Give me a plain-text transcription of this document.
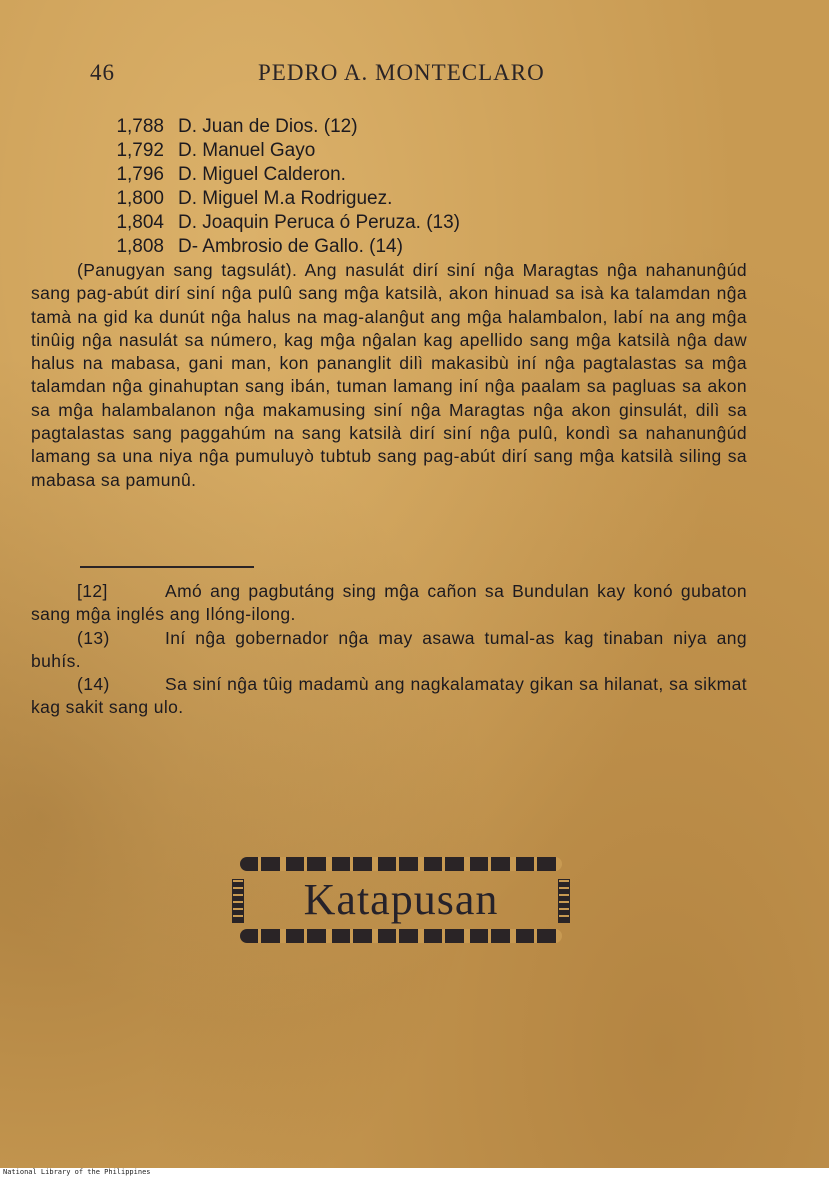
46	PEDRO A. MONTECLARO
1,788 D. Juan de Dios. (12)
1,792 D. Manuel Gayo
1,796 D. Miguel Calderon.
1,800 D. Miguel M.a Rodriguez.
1,804 D. Joaquin Peruca ó Peruza. (13)
1,808 D- Ambrosio de Gallo. (14)

(Panugyan sang tagsulát). Ang nasulát dirí siní nĝa Maragtas nĝa nahanunĝúd sang pag-abút dirí siní nĝa pulû sang mĝa katsilà, akon hinuad sa isà ka talamdan nĝa tamà na gid ka dunút nĝa halus na mag-alanĝut ang mĝa halambalon, labí na ang mĝa tinûig nĝa nasulát sa número, kag mĝa nĝalan kag apellido sang mĝa katsilà nĝa daw halus na mabasa, gani man, kon pananglit dilì makasibù iní nĝa pagtalastas sa mĝa talamdan nĝa ginahuptan sang ibán, tuman lamang iní nĝa paalam sa pagluas sa akon sa mĝa halambalanon nĝa makamusing siní nĝa Maragtas nĝa akon ginsulát, dilì sa pagtalastas sang paggahúm na sang katsilà dirí siní nĝa pulû, kondì sa nahanunĝúd lamang sa una niya nĝa pumuluyò tubtub sang pag-abút dirí sang mĝa katsilà siling sa mabasa sa pamunû.

[12]	Amó ang pagbutáng sing mĝa cañon sa Bundulan kay konó gubaton sang mĝa inglés ang Ilóng-ilong.

(13)	Iní nĝa gobernador nĝa may asawa tumal-as kag tinaban niya ang buhís.

(14)	Sa siní nĝa tûig madamù ang nagkalamatay gikan sa hilanat, sa sikmat kag sakit sang ulo.

Katapusan
National Library of the Philippines
